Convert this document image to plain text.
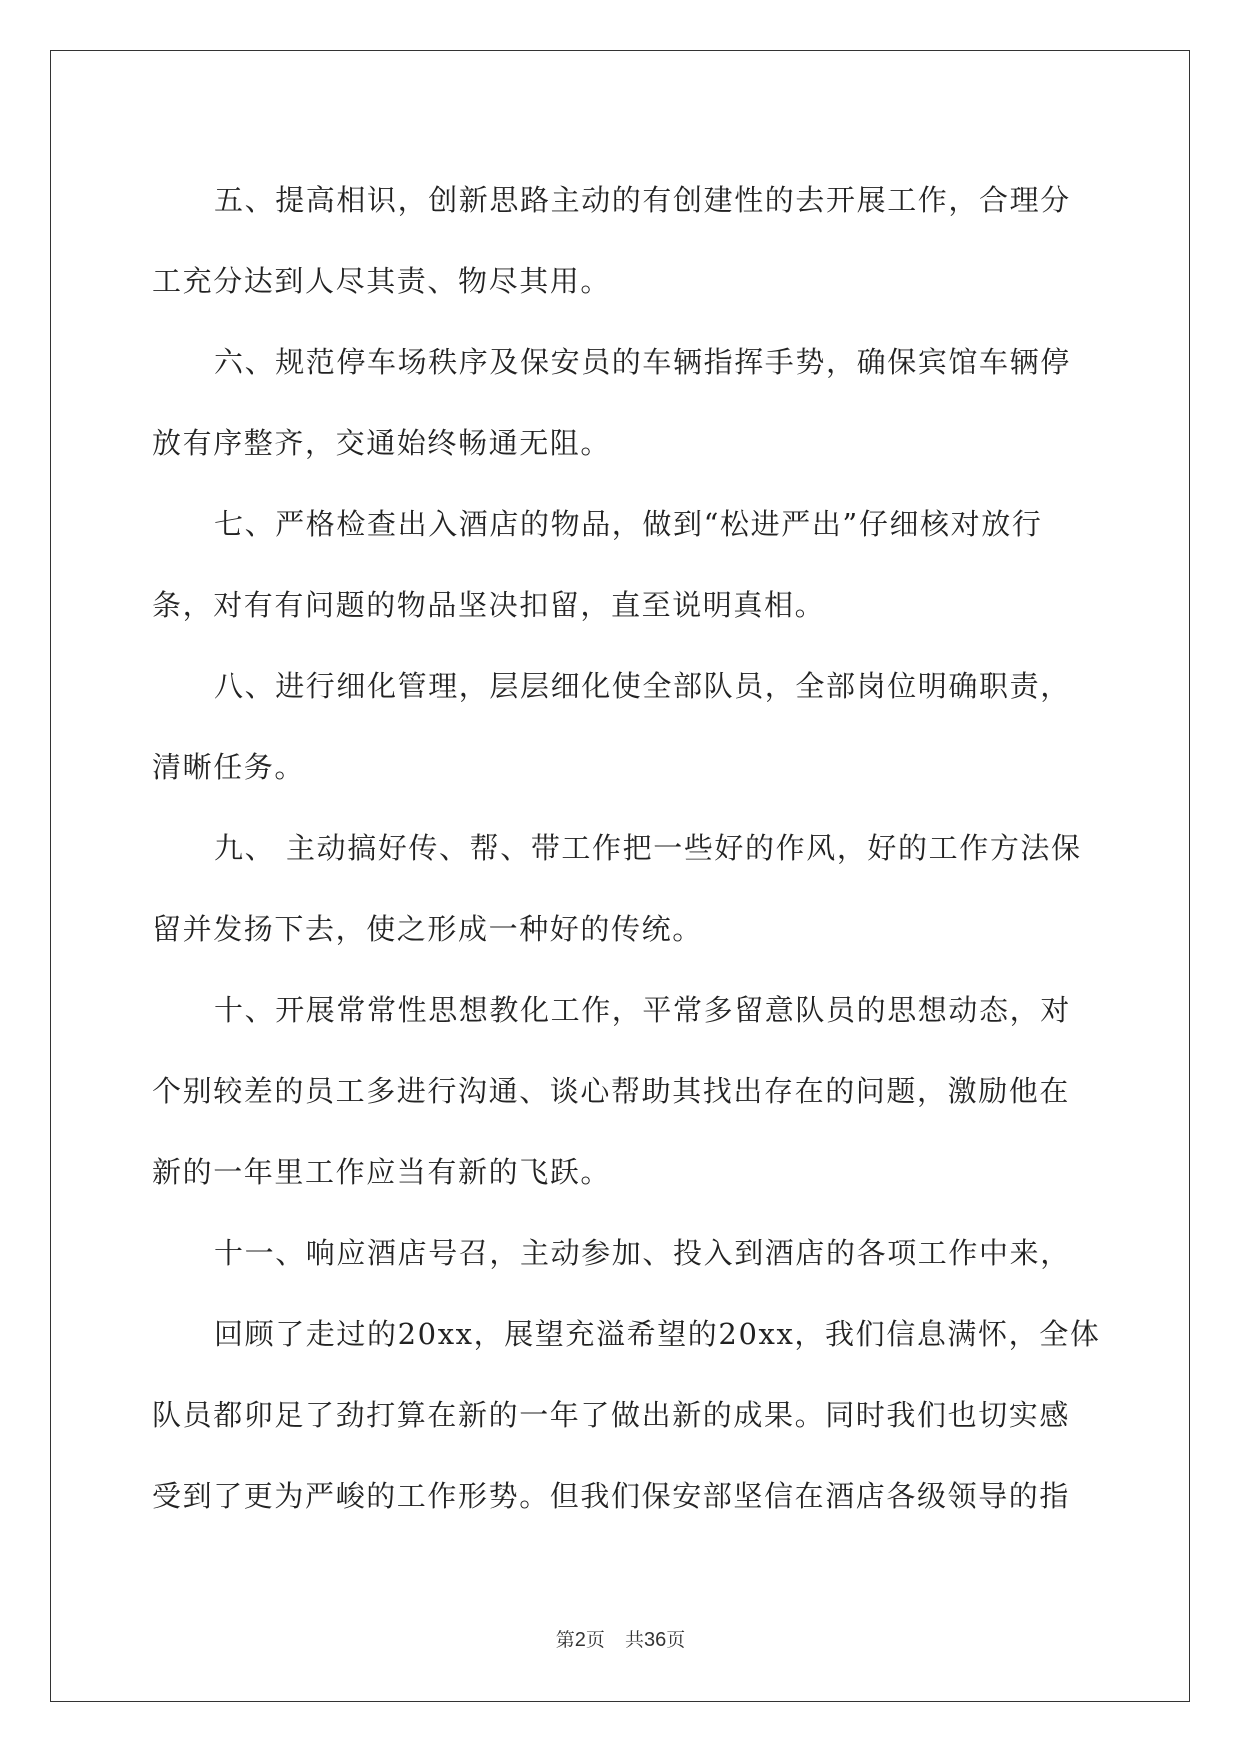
五、提高相识，创新思路主动的有创建性的去开展工作，合理分
工充分达到人尽其责、物尽其用。
六、规范停车场秩序及保安员的车辆指挥手势，确保宾馆车辆停
放有序整齐，交通始终畅通无阻。
七、严格检查出入酒店的物品，做到“松进严出”仔细核对放行
条，对有有问题的物品坚决扣留，直至说明真相。
八、进行细化管理，层层细化使全部队员，全部岗位明确职责，
清晰任务。
九、 主动搞好传、帮、带工作把一些好的作风，好的工作方法保
留并发扬下去，使之形成一种好的传统。
十、开展常常性思想教化工作，平常多留意队员的思想动态，对
个别较差的员工多进行沟通、谈心帮助其找出存在的问题，激励他在
新的一年里工作应当有新的飞跃。
十一、响应酒店号召，主动参加、投入到酒店的各项工作中来，
回顾了走过的20xx，展望充溢希望的20xx，我们信息满怀，全体
队员都卯足了劲打算在新的一年了做出新的成果。同时我们也切实感
受到了更为严峻的工作形势。但我们保安部坚信在酒店各级领导的指
第2页 共36页
